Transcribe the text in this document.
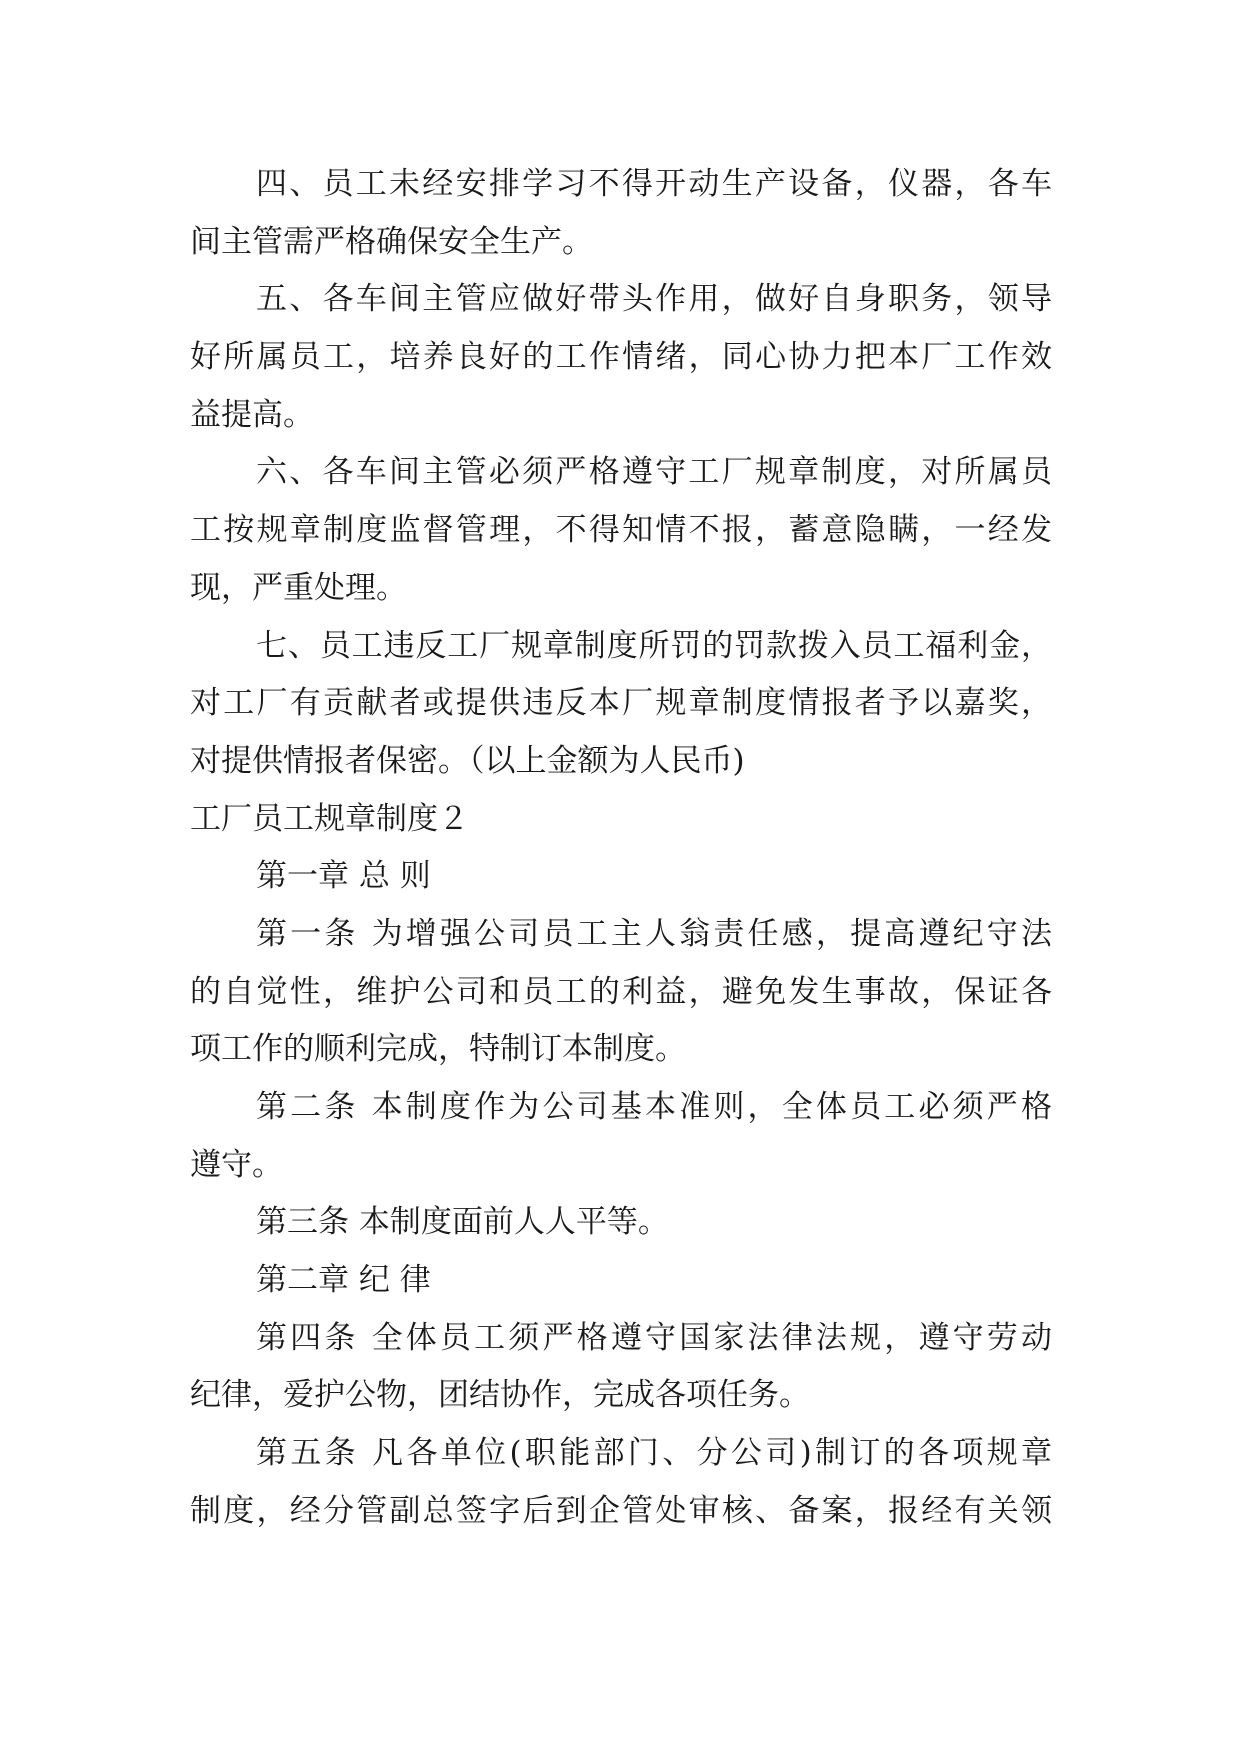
四、员工未经安排学习不得开动生产设备，仪器，各车
间主管需严格确保安全生产。
五、各车间主管应做好带头作用，做好自身职务，领导
好所属员工，培养良好的工作情绪，同心协力把本厂工作效
益提高。
六、各车间主管必须严格遵守工厂规章制度，对所属员
工按规章制度监督管理，不得知情不报，蓄意隐瞒，一经发
现，严重处理。
七、员工违反工厂规章制度所罚的罚款拨入员工福利金，
对工厂有贡献者或提供违反本厂规章制度情报者予以嘉奖，
对提供情报者保密。（以上金额为人民币)
工厂员工规章制度２
第一章 总 则
第一条 为增强公司员工主人翁责任感，提高遵纪守法
的自觉性，维护公司和员工的利益，避免发生事故，保证各
项工作的顺利完成，特制订本制度。
第二条 本制度作为公司基本准则，全体员工必须严格
遵守。
第三条 本制度面前人人平等。
第二章 纪 律
第四条 全体员工须严格遵守国家法律法规，遵守劳动
纪律，爱护公物，团结协作，完成各项任务。
第五条 凡各单位(职能部门、分公司)制订的各项规章
制度，经分管副总签字后到企管处审核、备案，报经有关领
